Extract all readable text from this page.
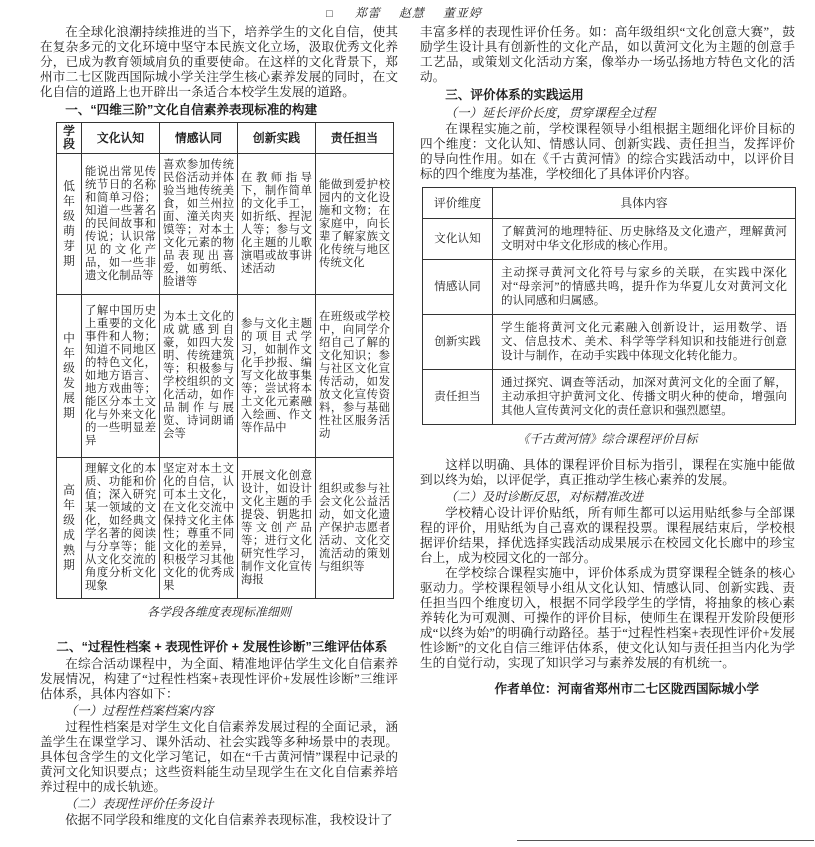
□ 郑蕾 赵慧 董亚婷

在全球化浪潮持续推进的当下，培养学生的文化自信，使其在复杂多元的文化环境中坚守本民族文化立场，汲取优秀文化养分，已成为教育领域肩负的重要使命。在这样的文化背景下，郑州市二七区陇西国际城小学关注学生核心素养发展的同时，在文化自信的道路上也开辟出一条适合本校学生发展的道路。

一、“四维三阶”文化自信素养表现标准的构建
学段	文化认知	情感认同	创新实践	责任担当
低年级萌芽期	能说出常见传统节日的名称和简单习俗；知道一些著名的民间故事和传说；认识常见的文化产品，如一些非遗文化制品等	喜欢参加传统民俗活动并体验当地传统美食，如兰州拉面、潼关肉夹馍等；对本土文化元素的物品表现出喜爱，如剪纸、脸谱等	在教师指导下，制作简单的文化手工，如折纸、捏泥人等；参与文化主题的儿歌演唱或故事讲述活动	能做到爱护校园内的文化设施和文物；在家庭中，向长辈了解家族文化传统与地区传统文化
中年级发展期	了解中国历史上重要的文化事件和人物；知道不同地区的特色文化，如地方语言、地方戏曲等；能区分本土文化与外来文化的一些明显差异	为本土文化的成就感到自豪，如四大发明、传统建筑等；积极参与学校组织的文化活动，如作品制作与展览、诗词朗诵会等	参与文化主题的项目式学习，如制作文化手抄报、编写文化故事集等；尝试将本土文化元素融入绘画、作文等作品中	在班级或学校中，向同学介绍自己了解的文化知识；参与社区文化宣传活动，如发放文化宣传资料，参与基础性社区服务活动
高年级成熟期	理解文化的本质、功能和价值；深入研究某一领域的文化，如经典文学名著的阅读与分享等；能从文化交流的角度分析文化现象	坚定对本土文化的自信，认可本土文化，在文化交流中保持文化主体性；尊重不同文化的差异，积极学习其他文化的优秀成果	开展文化创意设计，如设计文化主题的手提袋、钥匙扣等文创产品等；进行文化研究性学习，制作文化宣传海报	组织或参与社会文化公益活动，如文化遗产保护志愿者活动、文化交流活动的策划与组织等
各学段各维度表现标准细则
二、“过程性档案 + 表现性评价 + 发展性诊断”三维评估体系

在综合活动课程中，为全面、精准地评估学生文化自信素养发展情况，构建了“过程性档案+表现性评价+发展性诊断”三维评估体系，具体内容如下：

（一）过程性档案档案内容

过程性档案是对学生文化自信素养发展过程的全面记录，涵盖学生在课堂学习、课外活动、社会实践等多种场景中的表现。具体包含学生的文化学习笔记，如在“千古黄河情”课程中记录的黄河文化知识要点；这些资料能生动呈现学生在文化自信素养培养过程中的成长轨迹。

（二）表现性评价任务设计

依据不同学段和维度的文化自信素养表现标准，我校设计了

丰富多样的表现性评价任务。如：高年级组织“文化创意大赛”，鼓励学生设计具有创新性的文化产品，如以黄河文化为主题的创意手工艺品，或策划文化活动方案，像举办一场弘扬地方特色文化的活动。

三、评价体系的实践运用

（一）延长评价长度，贯穿课程全过程

在课程实施之前，学校课程领导小组根据主题细化评价目标的四个维度：文化认知、情感认同、创新实践、责任担当，发挥评价的导向性作用。如在《千古黄河情》的综合实践活动中，以评价目标的四个维度为基准，学校细化了具体评价内容。

评价维度	具体内容
文化认知	了解黄河的地理特征、历史脉络及文化遗产，理解黄河文明对中华文化形成的核心作用。
情感认同	主动探寻黄河文化符号与家乡的关联，在实践中深化对“母亲河”的情感共鸣，提升作为华夏儿女对黄河文化的认同感和归属感。
创新实践	学生能将黄河文化元素融入创新设计，运用数学、语文、信息技术、美术、科学等学科知识和技能进行创意设计与制作，在动手实践中体现文化转化能力。
责任担当	通过探究、调查等活动，加深对黄河文化的全面了解，主动承担守护黄河文化、传播文明火种的使命，增强向其他人宣传黄河文化的责任意识和强烈愿望。
《千古黄河情》综合课程评价目标

这样以明确、具体的课程评价目标为指引，课程在实施中能做到以终为始，以评促学，真正推动学生核心素养的发展。

（二）及时诊断反思，对标精准改进

学校精心设计评价贴纸，所有师生都可以运用贴纸参与全部课程的评价，用贴纸为自己喜欢的课程投票。课程展结束后，学校根据评价结果，择优选择实践活动成果展示在校园文化长廊中的珍宝台上，成为校园文化的一部分。

在学校综合课程实施中，评价体系成为贯穿课程全链条的核心驱动力。学校课程领导小组从文化认知、情感认同、创新实践、责任担当四个维度切入，根据不同学段学生的学情，将抽象的核心素养转化为可观测、可操作的评价目标，使师生在课程开发阶段便形成“以终为始”的明确行动路径。基于“过程性档案+表现性评价+发展性诊断”的文化自信三维评估体系，使文化认知与责任担当内化为学生的自觉行动，实现了知识学习与素养发展的有机统一。

作者单位：河南省郑州市二七区陇西国际城小学
